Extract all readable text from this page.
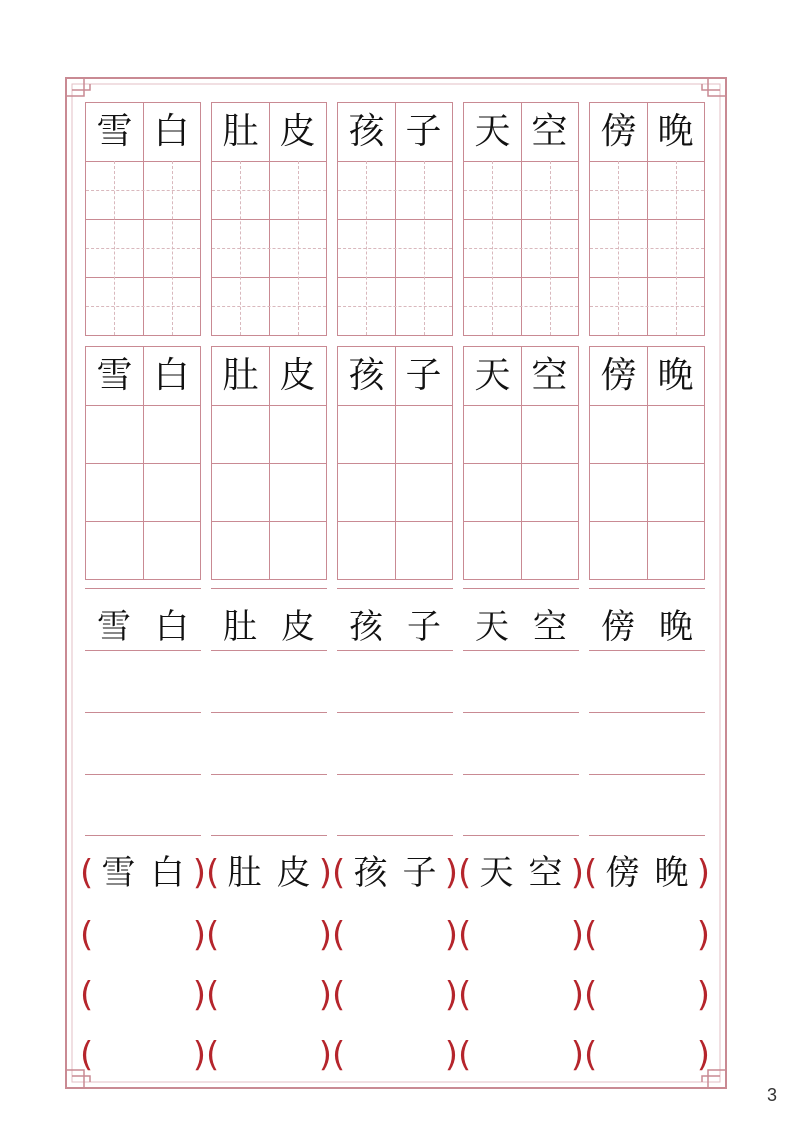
雪 白 肚 皮 孩 子 天 空 傍 晚
雪 白 肚 皮 孩 子 天 空 傍 晚
雪 白 肚 皮 孩 子 天 空 傍 晚
(	)
雪 白 (	)
肚 皮 (	)
孩 子 (	)
天 空 (	)
傍 晚
(	) (	) (	) (	) (	)
(	) (	) (	) (	) (	)
(	) (	) (	) (	) (	)
3
